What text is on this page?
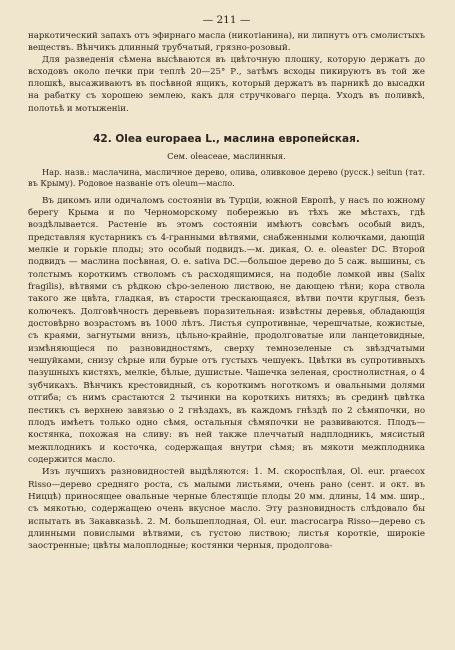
— 211 —

наркотический запахъ отъ эфирнаго масла (никотіанина), ни липнутъ отъ смолистыхъ веществъ. Вѣнчикъ длинный трубчатый, грязно-розовый.

Для разведенія сѣмена высѣваются въ цвѣточную плошку, которую держатъ до всходовъ около печки при теплѣ 20—25° Р., затѣмъ всходы пикируютъ въ той же плошкѣ, высаживаютъ въ посѣвной ящикъ, который держатъ въ парникѣ до высадки на рабатку съ хорошею землею, какъ для стручковаго перца. Уходъ въ поливкѣ, полотьѣ и мотыженіи.

42. Olea europaea L., маслина европейская.
Сем. oleaceae, маслинныя.

Нар. назв.: маслачина, масличное дерево, олива, оливковое дерево (русск.) seitun (тат. въ Крыму). Родовое названіе отъ oleum—масло.

Въ дикомъ или одичаломъ состояніи въ Турціи, южной Европѣ, у насъ по южному берегу Крыма и по Черноморскому побережью въ тѣхъ же мѣстахъ, гдѣ воздѣлывается. Растеніе въ этомъ состояніи имѣютъ совсѣмъ особый видъ, представляя кустарникъ съ 4-гранными вѣтвями, снабженными колючками, дающій мелкіе и горькіе плоды; это особый подвидъ.—м. дикая, O. e. oleaster DC. Второй подвидъ — маслина посѣвная, O. e. sativa DC.—большое дерево до 5 саж. вышины, съ толстымъ короткимъ стволомъ съ расходящимися, на подобіе ломкой ивы (Salix fragilis), вѣтвями съ рѣдкою сѣро-зеленою листвою, не дающею тѣни; кора ствола такого же цвѣта, гладкая, въ старости трескающаяся, вѣтви почти круглыя, безъ колючекъ. Долговѣчность деревьевъ поразительная: извѣстны деревья, обладающія достовѣрно возрастомъ въ 1000 лѣтъ. Листья супротивные, черешчатые, кожистые, съ краями, загнутыми внизъ, цѣльно-крайніе, продолговатые или ланцетовидные, измѣняющіеся по разновидностямъ, сверху темнозеленые съ звѣздчатыми чешуйками, снизу сѣрые или бурые отъ густыхъ чешуекъ. Цвѣтки въ супротивныхъ пазушныхъ кистяхъ, мелкіе, бѣлые, душистые. Чашечка зеленая, сростнолистная, о 4 зубчикахъ. Вѣнчикъ крестовидный, съ короткимъ ноготкомъ и овальными долями отгиба; съ нимъ срастаются 2 тычинки на короткихъ нитяхъ; въ срединѣ цвѣтка пестикъ съ верхнею завязью о 2 гнѣздахъ, въ каждомъ гнѣздѣ по 2 сѣмяпочки, но плодъ имѣетъ только одно сѣмя, остальныя сѣмяпочки не развиваются. Плодъ—костянка, похожая на сливу: въ ней также плеччатый надплодникъ, мясистый межплодникъ и косточка, содержащая внутри сѣмя; въ мякоти межплодника содержится масло.

Изъ лучшихъ разновидностей выдѣляются: 1. М. скороспѣлая, Ol. eur. praecox Risso—дерево средняго роста, съ малыми листьями, очень рано (сент. и окт. въ Ниццѣ) приносящее овальные черные блестящіе плоды 20 мм. длины, 14 мм. шир., съ мякотью, содержащею очень вкусное масло. Эту разновидность слѣдовало бы испытать въ Закавказьѣ. 2. М. большеплодная, Ol. eur. macrocarpa Risso—дерево съ длинными повислыми вѣтвями, съ густою листвою; листья короткіе, широкіе заостренные; цвѣты малоплодные; костянки черныя, продолгова-
